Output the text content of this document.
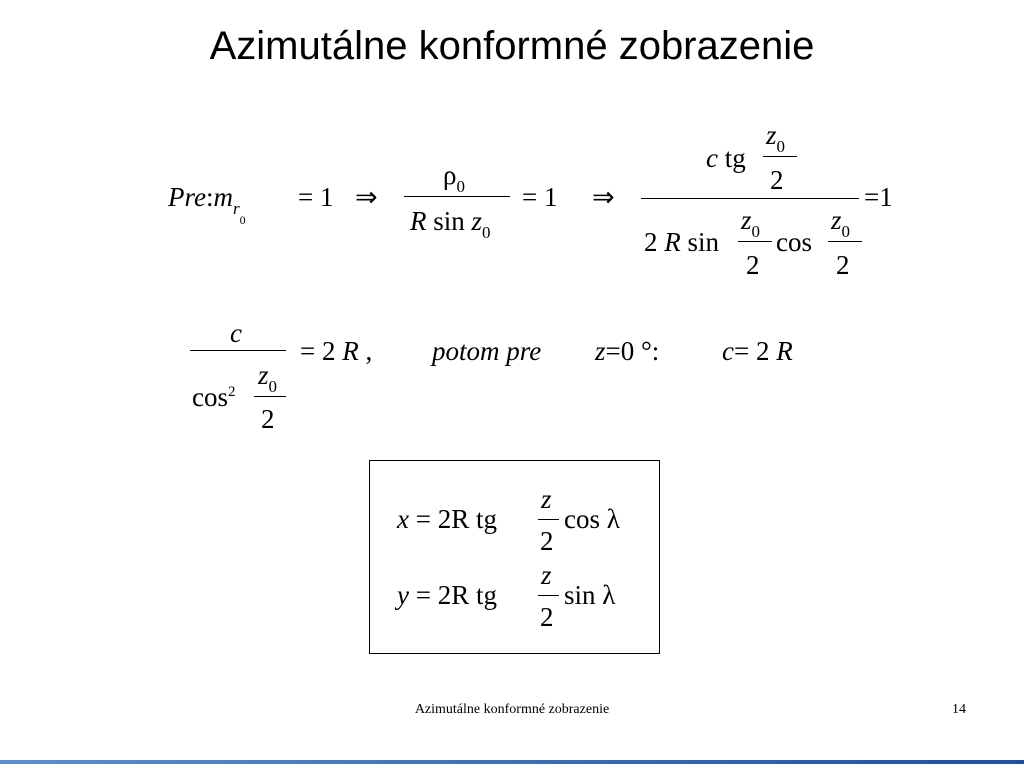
Azimutálne konformné zobrazenie
$Pre:m_{r_0}$
= 1 ⇒
$\rho_0$
R $\sin z_0$
= 1 ⇒
c tg
$z_0$
2
=1
2 R sin
$z_0$
2
cos
$z_0$
2
c
$\cos^2$
$z_0$
2
= 2 R , potom pre z=0 °: c= 2 R
x = 2R tg
z
2
cos λ
y = 2R tg
z
2
sin λ
Azimutálne konformné zobrazenie	14
